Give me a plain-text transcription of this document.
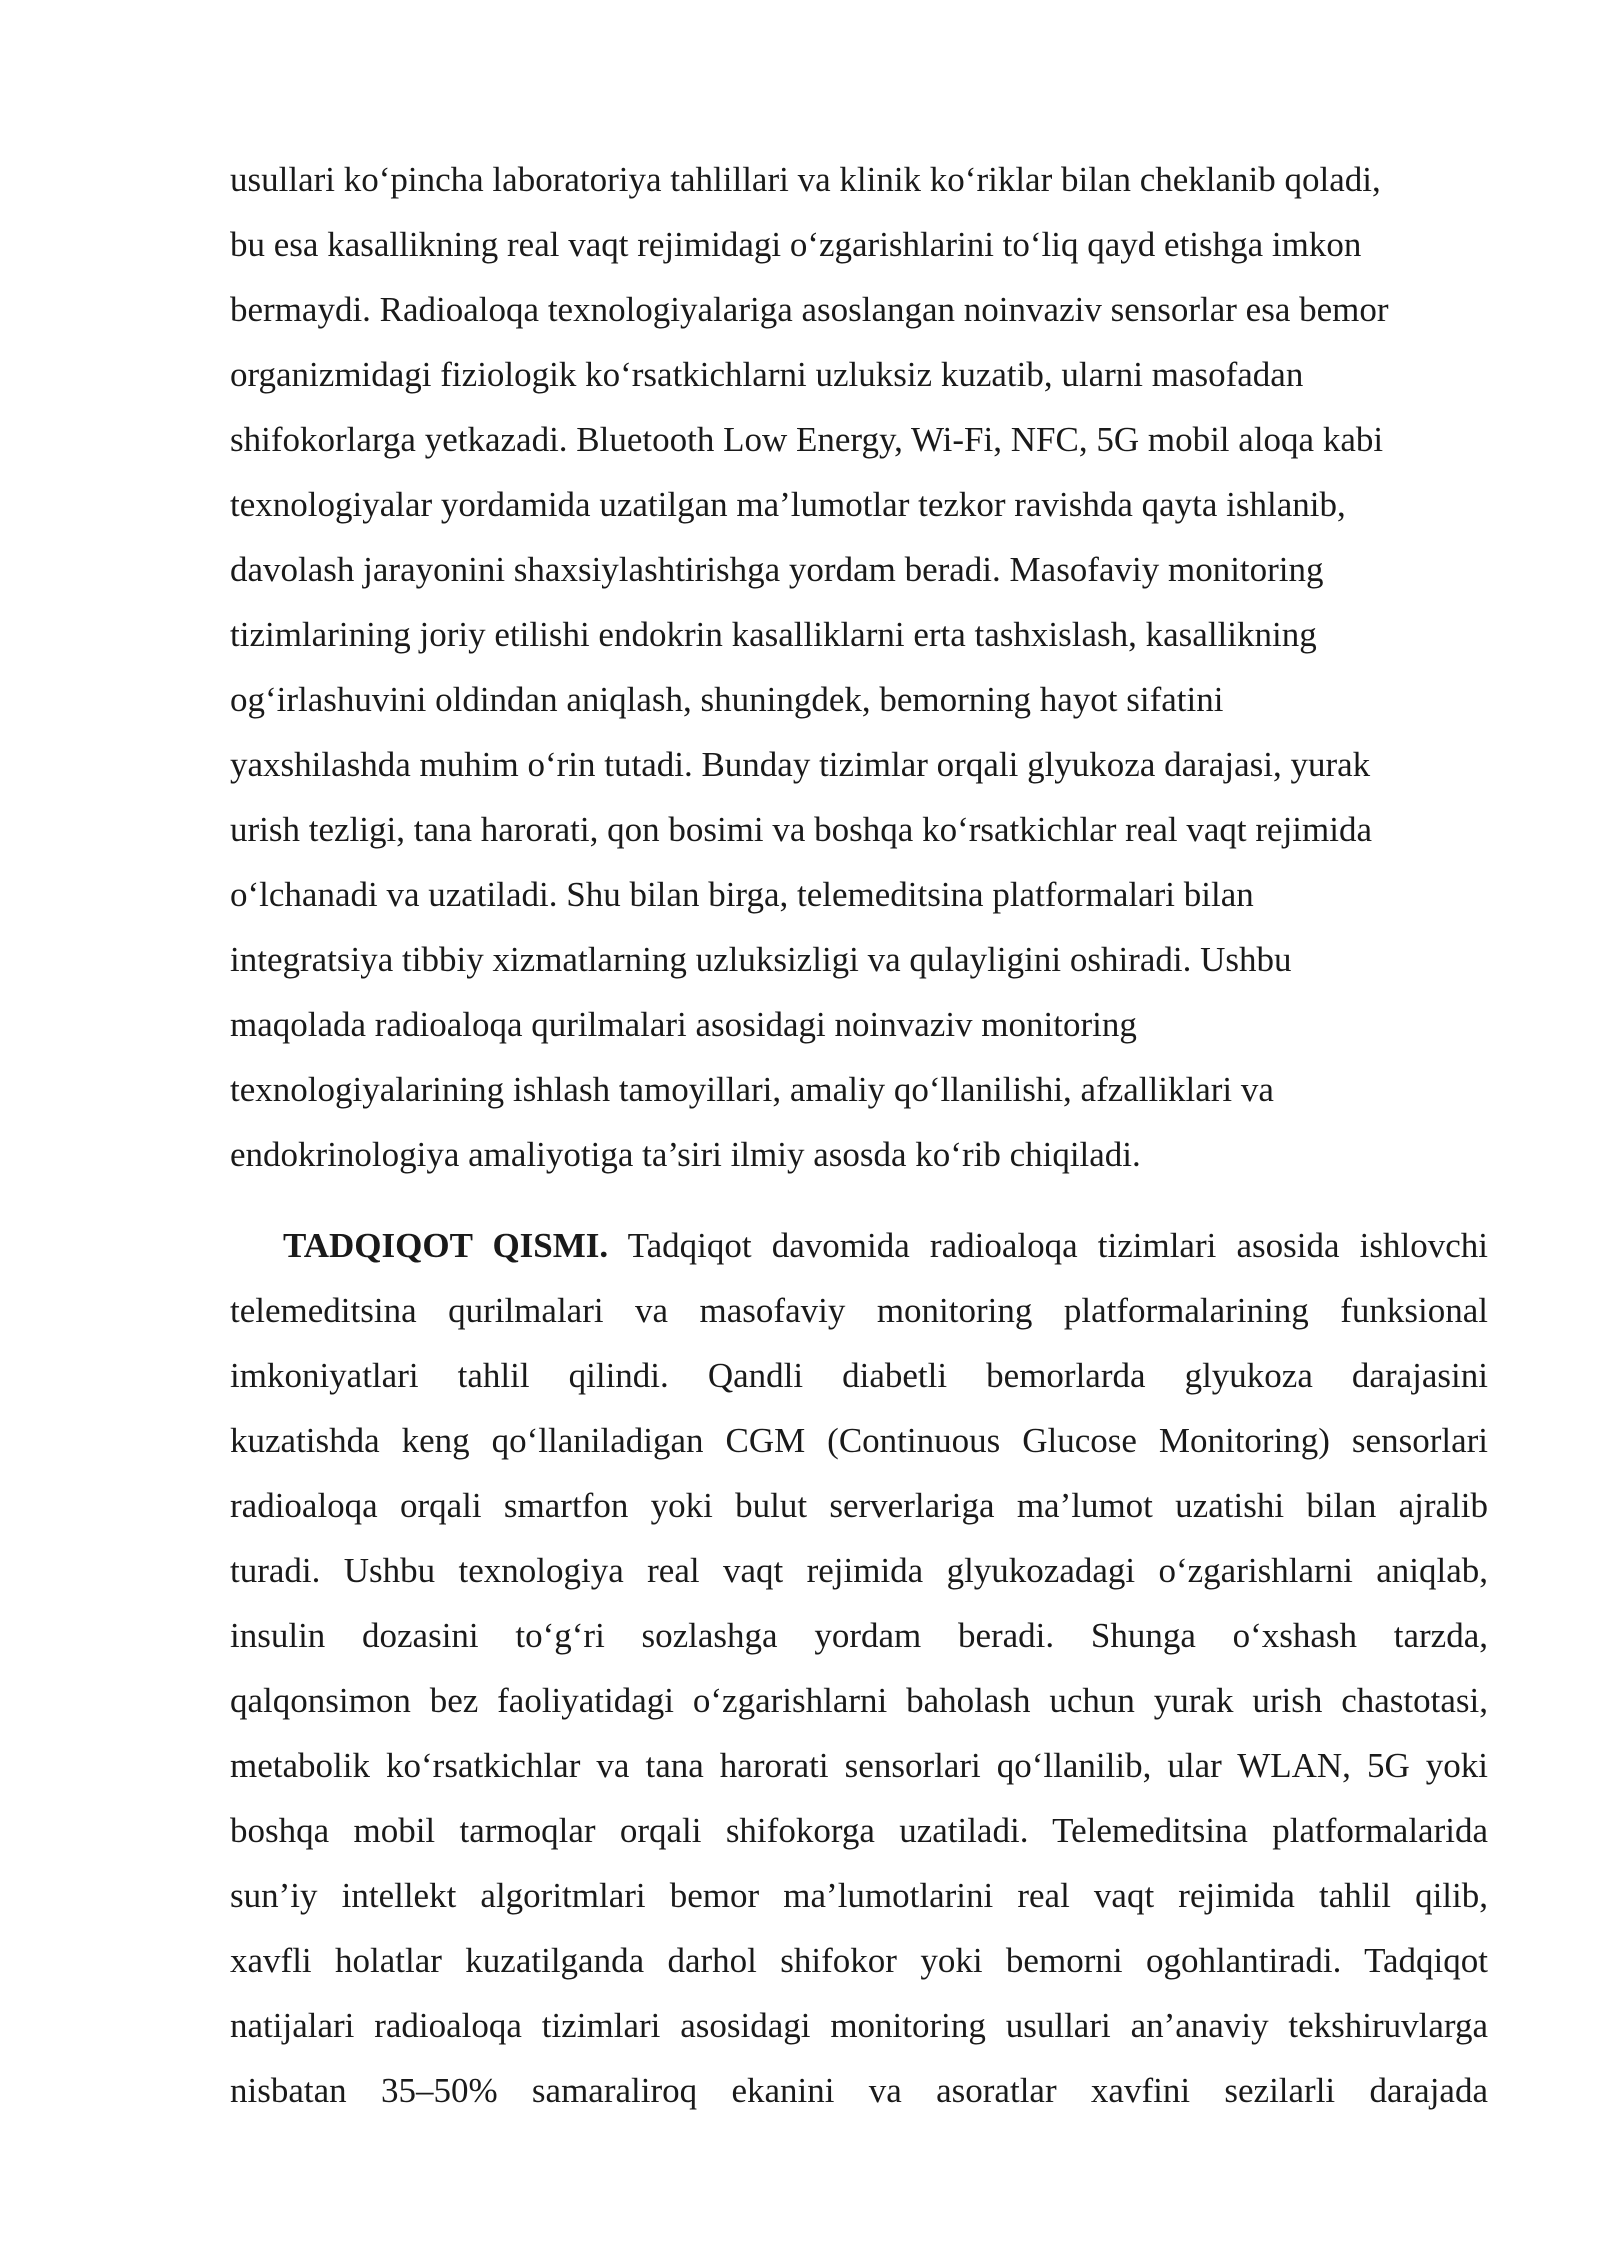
usullari ko‘pincha laboratoriya tahlillari va klinik ko‘riklar bilan cheklanib qoladi,
bu esa kasallikning real vaqt rejimidagi o‘zgarishlarini to‘liq qayd etishga imkon
bermaydi. Radioaloqa texnologiyalariga asoslangan noinvaziv sensorlar esa bemor
organizmidagi fiziologik ko‘rsatkichlarni uzluksiz kuzatib, ularni masofadan
shifokorlarga yetkazadi. Bluetooth Low Energy, Wi-Fi, NFC, 5G mobil aloqa kabi
texnologiyalar yordamida uzatilgan ma’lumotlar tezkor ravishda qayta ishlanib,
davolash jarayonini shaxsiylashtirishga yordam beradi. Masofaviy monitoring
tizimlarining joriy etilishi endokrin kasalliklarni erta tashxislash, kasallikning
og‘irlashuvini oldindan aniqlash, shuningdek, bemorning hayot sifatini
yaxshilashda muhim o‘rin tutadi. Bunday tizimlar orqali glyukoza darajasi, yurak
urish tezligi, tana harorati, qon bosimi va boshqa ko‘rsatkichlar real vaqt rejimida
o‘lchanadi va uzatiladi. Shu bilan birga, telemeditsina platformalari bilan
integratsiya tibbiy xizmatlarning uzluksizligi va qulayligini oshiradi. Ushbu
maqolada radioaloqa qurilmalari asosidagi noinvaziv monitoring
texnologiyalarining ishlash tamoyillari, amaliy qo‘llanilishi, afzalliklari va
endokrinologiya amaliyotiga ta’siri ilmiy asosda ko‘rib chiqiladi.
TADQIQOT QISMI. Tadqiqot davomida radioaloqa tizimlari asosida ishlovchi
telemeditsina qurilmalari va masofaviy monitoring platformalarining funksional
imkoniyatlari tahlil qilindi. Qandli diabetli bemorlarda glyukoza darajasini
kuzatishda keng qo‘llaniladigan CGM (Continuous Glucose Monitoring) sensorlari
radioaloqa orqali smartfon yoki bulut serverlariga ma’lumot uzatishi bilan ajralib
turadi. Ushbu texnologiya real vaqt rejimida glyukozadagi o‘zgarishlarni aniqlab,
insulin dozasini to‘g‘ri sozlashga yordam beradi. Shunga o‘xshash tarzda,
qalqonsimon bez faoliyatidagi o‘zgarishlarni baholash uchun yurak urish chastotasi,
metabolik ko‘rsatkichlar va tana harorati sensorlari qo‘llanilib, ular WLAN, 5G yoki
boshqa mobil tarmoqlar orqali shifokorga uzatiladi. Telemeditsina platformalarida
sun’iy intellekt algoritmlari bemor ma’lumotlarini real vaqt rejimida tahlil qilib,
xavfli holatlar kuzatilganda darhol shifokor yoki bemorni ogohlantiradi. Tadqiqot
natijalari radioaloqa tizimlari asosidagi monitoring usullari an’anaviy tekshiruvlarga
nisbatan 35–50% samaraliroq ekanini va asoratlar xavfini sezilarli darajada
